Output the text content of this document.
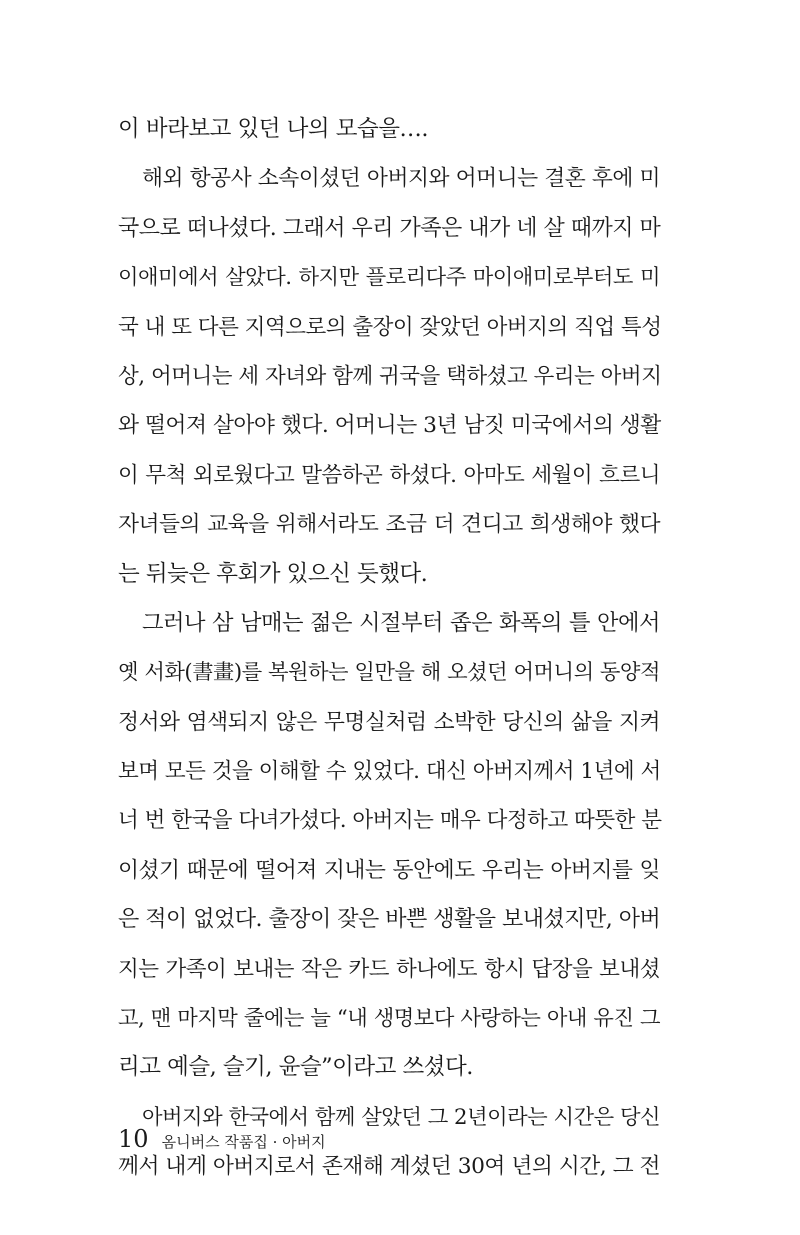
이 바라보고 있던 나의 모습을….
해외 항공사 소속이셨던 아버지와 어머니는 결혼 후에 미
국으로 떠나셨다. 그래서 우리 가족은 내가 네 살 때까지 마
이애미에서 살았다. 하지만 플로리다주 마이애미로부터도 미
국 내 또 다른 지역으로의 출장이 잦았던 아버지의 직업 특성
상, 어머니는 세 자녀와 함께 귀국을 택하셨고 우리는 아버지
와 떨어져 살아야 했다. 어머니는 3년 남짓 미국에서의 생활
이 무척 외로웠다고 말씀하곤 하셨다. 아마도 세월이 흐르니
자녀들의 교육을 위해서라도 조금 더 견디고 희생해야 했다
는 뒤늦은 후회가 있으신 듯했다.
그러나 삼 남매는 젊은 시절부터 좁은 화폭의 틀 안에서
옛 서화(書畫)를 복원하는 일만을 해 오셨던 어머니의 동양적
정서와 염색되지 않은 무명실처럼 소박한 당신의 삶을 지켜
보며 모든 것을 이해할 수 있었다. 대신 아버지께서 1년에 서
너 번 한국을 다녀가셨다. 아버지는 매우 다정하고 따뜻한 분
이셨기 때문에 떨어져 지내는 동안에도 우리는 아버지를 잊
은 적이 없었다. 출장이 잦은 바쁜 생활을 보내셨지만, 아버
지는 가족이 보내는 작은 카드 하나에도 항시 답장을 보내셨
고, 맨 마지막 줄에는 늘 “내 생명보다 사랑하는 아내 유진 그
리고 예슬, 슬기, 윤슬”이라고 쓰셨다.
아버지와 한국에서 함께 살았던 그 2년이라는 시간은 당신
께서 내게 아버지로서 존재해 계셨던 30여 년의 시간, 그 전
10 옴니버스 작품집 · 아버지
